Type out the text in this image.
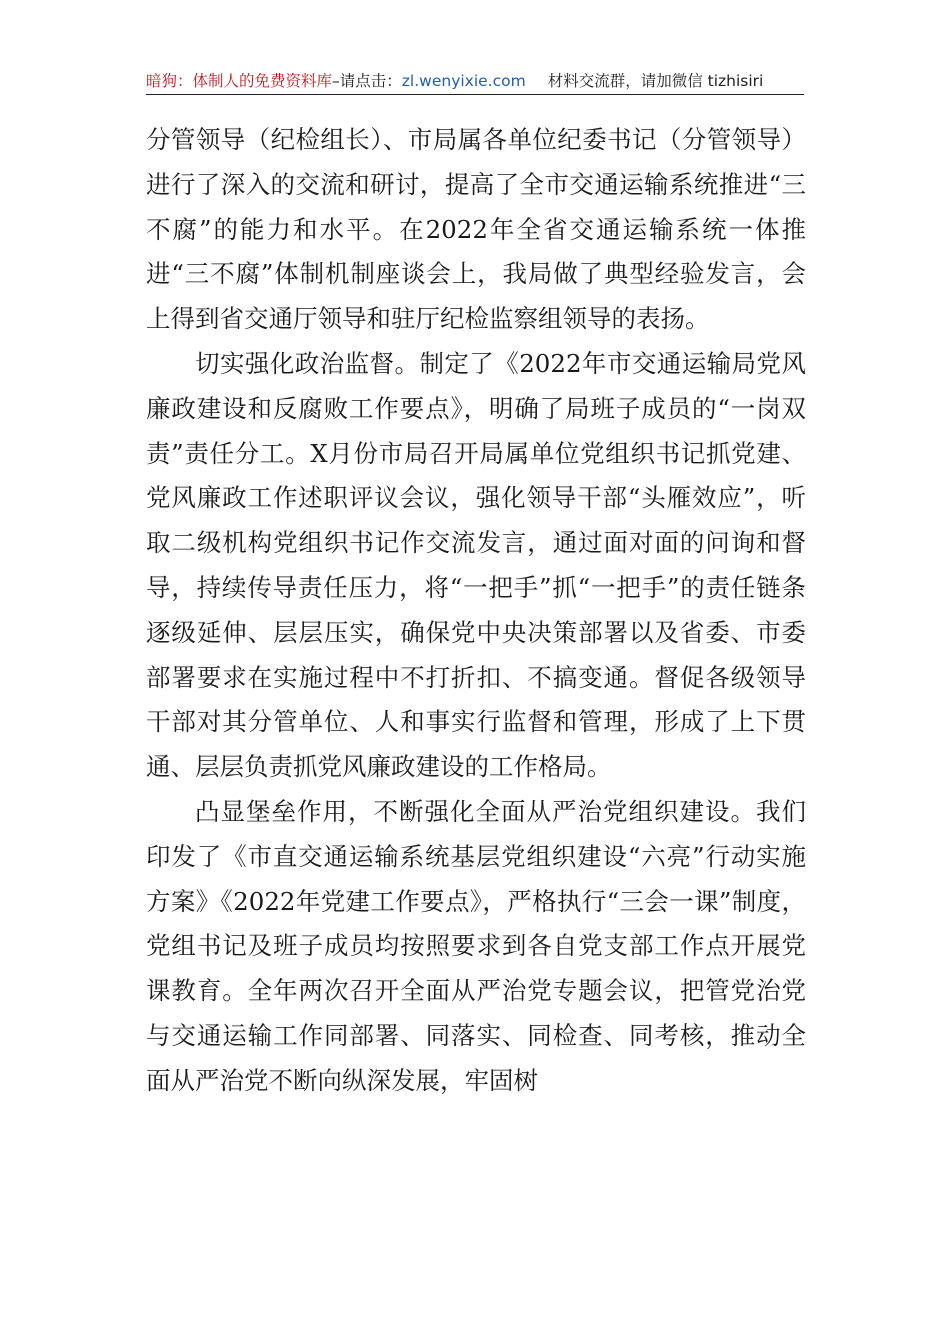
暗狗：体制人的免费资料库–请点击：zl.wenyixie.com 材料交流群，请加微信 tizhisiri

分管领导（纪检组长）、市局属各单位纪委书记（分管领导）进行了深入的交流和研讨，提高了全市交通运输系统推进“三不腐”的能力和水平。在2022年全省交通运输系统一体推进“三不腐”体制机制座谈会上，我局做了典型经验发言，会上得到省交通厅领导和驻厅纪检监察组领导的表扬。

切实强化政治监督。制定了《2022年市交通运输局党风廉政建设和反腐败工作要点》，明确了局班子成员的“一岗双责”责任分工。X月份市局召开局属单位党组织书记抓党建、党风廉政工作述职评议会议，强化领导干部“头雁效应”，听取二级机构党组织书记作交流发言，通过面对面的问询和督导，持续传导责任压力，将“一把手”抓“一把手”的责任链条逐级延伸、层层压实，确保党中央决策部署以及省委、市委部署要求在实施过程中不打折扣、不搞变通。督促各级领导干部对其分管单位、人和事实行监督和管理，形成了上下贯通、层层负责抓党风廉政建设的工作格局。

凸显堡垒作用，不断强化全面从严治党组织建设。我们印发了《市直交通运输系统基层党组织建设“六亮”行动实施方案》《2022年党建工作要点》，严格执行“三会一课”制度，党组书记及班子成员均按照要求到各自党支部工作点开展党课教育。全年两次召开全面从严治党专题会议，把管党治党与交通运输工作同部署、同落实、同检查、同考核，推动全面从严治党不断向纵深发展，牢固树
